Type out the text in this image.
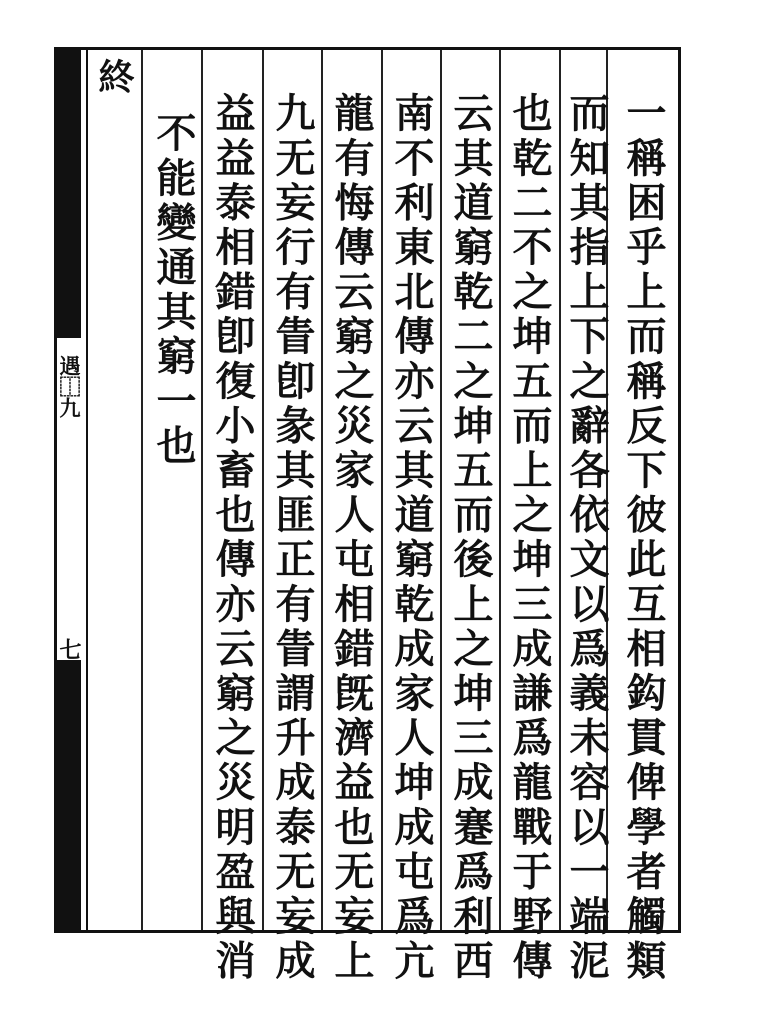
遇⿰九
七
終
一稱困乎上而稱反下彼此互相鈎貫俾學者觸類
而知其指上下之辭各依文以爲義未容以一端泥
也乾二不之坤五而上之坤三成謙爲龍戰于野傳
云其道窮乾二之坤五而後上之坤三成蹇爲利西
南不利東北傳亦云其道窮乾成家人坤成屯爲亢
龍有悔傳云窮之災家人屯相錯旣濟益也无妄上
九无妄行有眚卽彖其匪正有眚謂升成泰无妄成
益益泰相錯卽復小畜也傳亦云窮之災明盈與消
不能變通其窮一也
